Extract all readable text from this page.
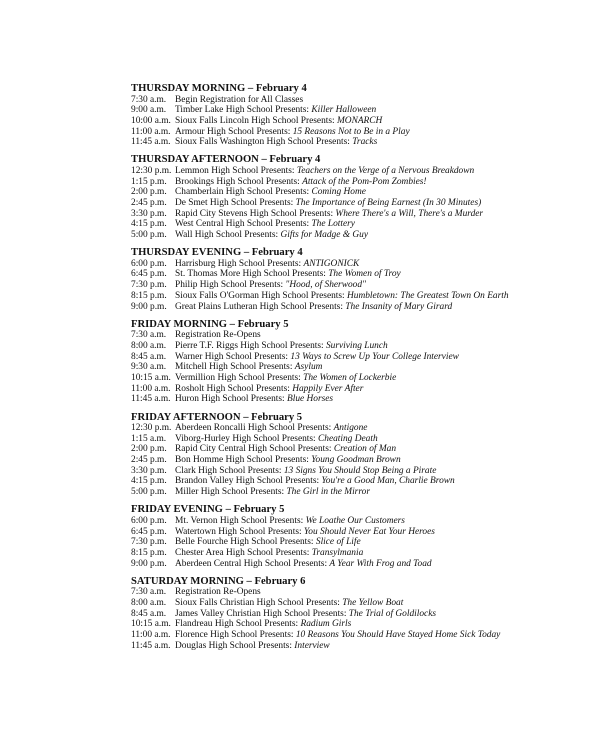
THURSDAY MORNING – February 4
7:30 a.m. Begin Registration for All Classes
9:00 a.m. Timber Lake High School Presents: Killer Halloween
10:00 a.m. Sioux Falls Lincoln High School Presents: MONARCH
11:00 a.m. Armour High School Presents: 15 Reasons Not to Be in a Play
11:45 a.m. Sioux Falls Washington High School Presents: Tracks
THURSDAY AFTERNOON – February 4
12:30 p.m. Lemmon High School Presents: Teachers on the Verge of a Nervous Breakdown
1:15 p.m. Brookings High School Presents: Attack of the Pom-Pom Zombies!
2:00 p.m. Chamberlain High School Presents: Coming Home
2:45 p.m. De Smet High School Presents: The Importance of Being Earnest (In 30 Minutes)
3:30 p.m. Rapid City Stevens High School Presents: Where There's a Will, There's a Murder
4:15 p.m. West Central High School Presents: The Lottery
5:00 p.m. Wall High School Presents: Gifts for Madge & Guy
THURSDAY EVENING – February 4
6:00 p.m. Harrisburg High School Presents: ANTIGONICK
6:45 p.m. St. Thomas More High School Presents: The Women of Troy
7:30 p.m. Philip High School Presents: "Hood, of Sherwood"
8:15 p.m. Sioux Falls O'Gorman High School Presents: Humbletown: The Greatest Town On Earth
9:00 p.m. Great Plains Lutheran High School Presents: The Insanity of Mary Girard
FRIDAY MORNING – February 5
7:30 a.m. Registration Re-Opens
8:00 a.m. Pierre T.F. Riggs High School Presents: Surviving Lunch
8:45 a.m. Warner High School Presents: 13 Ways to Screw Up Your College Interview
9:30 a.m. Mitchell High School Presents: Asylum
10:15 a.m. Vermillion High School Presents: The Women of Lockerbie
11:00 a.m. Rosholt High School Presents: Happily Ever After
11:45 a.m. Huron High School Presents: Blue Horses
FRIDAY AFTERNOON – February 5
12:30 p.m. Aberdeen Roncalli High School Presents: Antigone
1:15 a.m. Viborg-Hurley High School Presents: Cheating Death
2:00 p.m. Rapid City Central High School Presents: Creation of Man
2:45 p.m. Bon Homme High School Presents: Young Goodman Brown
3:30 p.m. Clark High School Presents: 13 Signs You Should Stop Being a Pirate
4:15 p.m. Brandon Valley High School Presents: You're a Good Man, Charlie Brown
5:00 p.m. Miller High School Presents: The Girl in the Mirror
FRIDAY EVENING – February 5
6:00 p.m. Mt. Vernon High School Presents: We Loathe Our Customers
6:45 p.m. Watertown High School Presents: You Should Never Eat Your Heroes
7:30 p.m. Belle Fourche High School Presents: Slice of Life
8:15 p.m. Chester Area High School Presents: Transylmania
9:00 p.m. Aberdeen Central High School Presents: A Year With Frog and Toad
SATURDAY MORNING – February 6
7:30 a.m. Registration Re-Opens
8:00 a.m. Sioux Falls Christian High School Presents: The Yellow Boat
8:45 a.m. James Valley Christian High School Presents: The Trial of Goldilocks
10:15 a.m. Flandreau High School Presents: Radium Girls
11:00 a.m. Florence High School Presents: 10 Reasons You Should Have Stayed Home Sick Today
11:45 a.m. Douglas High School Presents: Interview
